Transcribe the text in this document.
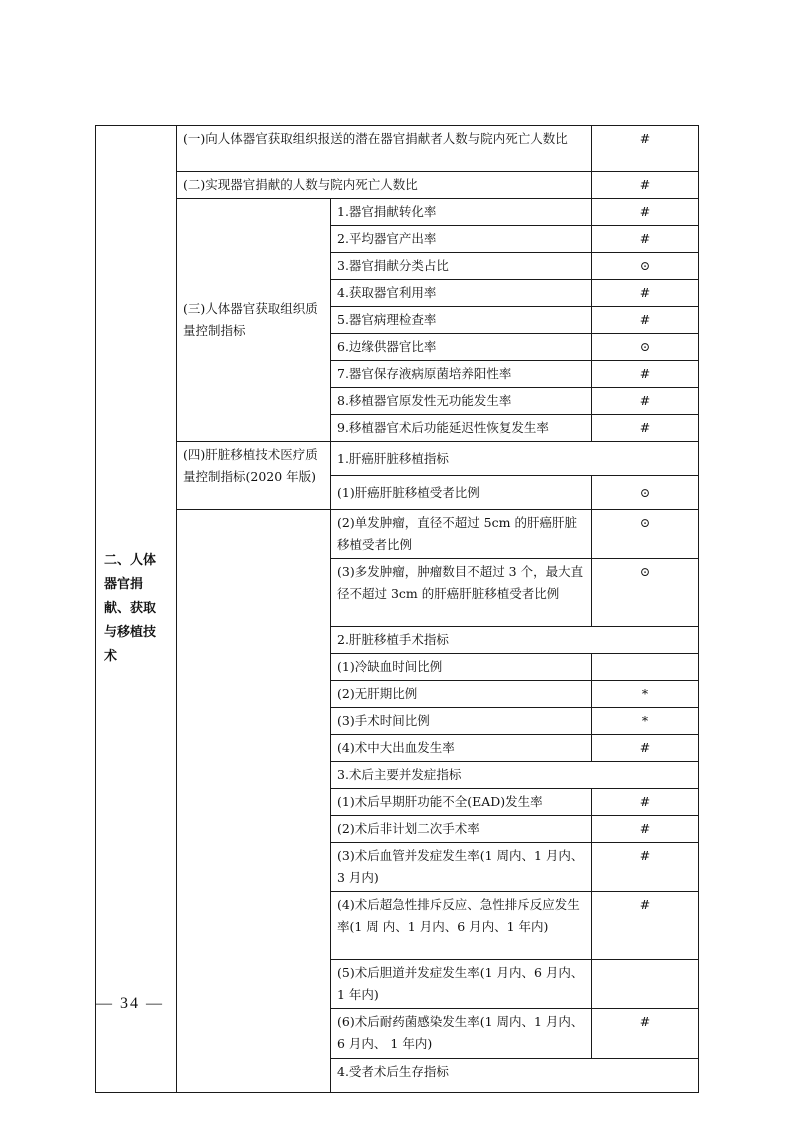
二、人体器官捐献、获取与移植技术	(一)向人体器官获取组织报送的潜在器官捐献者人数与院内死亡人数比		#
	(二)实现器官捐献的人数与院内死亡人数比		#
	(三)人体器官获取组织质量控制指标	1.器官捐献转化率	#
		2.平均器官产出率	#
		3.器官捐献分类占比	⊙
		4.获取器官利用率	#
		5.器官病理检查率	#
		6.边缘供器官比率	⊙
		7.器官保存液病原菌培养阳性率	#
		8.移植器官原发性无功能发生率	#
		9.移植器官术后功能延迟性恢复发生率	#
	(四)肝脏移植技术医疗质量控制指标(2020 年版)	1.肝癌肝脏移植指标	
		(1)肝癌肝脏移植受者比例	⊙
		(2)单发肿瘤，直径不超过 5cm 的肝癌肝脏移植受者比例	⊙
		(3)多发肿瘤，肿瘤数目不超过 3 个，最大直径不超过 3cm 的肝癌肝脏移植受者比例	⊙
		2.肝脏移植手术指标	
		(1)冷缺血时间比例	
		(2)无肝期比例	*
		(3)手术时间比例	*
		(4)术中大出血发生率	#
		3.术后主要并发症指标	
		(1)术后早期肝功能不全(EAD)发生率	#
		(2)术后非计划二次手术率	#
		(3)术后血管并发症发生率(1 周内、1 月内、3 月内)	#
		(4)术后超急性排斥反应、急性排斥反应发生率(1 周 内、1 月内、6 月内、1 年内)	#
		(5)术后胆道并发症发生率(1 月内、6 月内、1 年内)	
		(6)术后耐药菌感染发生率(1 周内、1 月内、6 月内、 1 年内)	#
		4.受者术后生存指标	
— 34 —
